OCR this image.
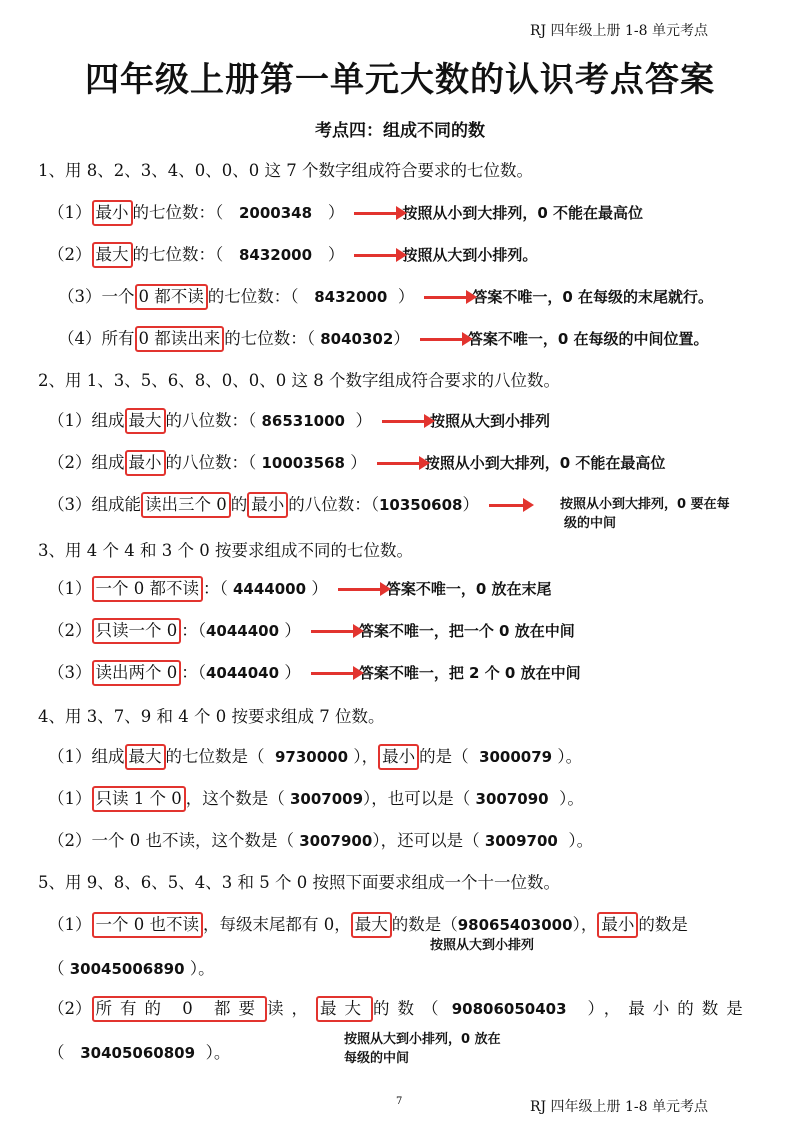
RJ 四年级上册 1-8 单元考点
四年级上册第一单元大数的认识考点答案
考点四：组成不同的数
1、用 8、2、3、4、0、0、0 这 7 个数字组成符合要求的七位数。
（1） 最小 的七位数：（ 2000348 ）	按照从小到大排列，0 不能在最高位
（2） 最大 的七位数：（ 8432000 ）	按照从大到小排列。
（3）一个 0 都不读 的七位数：（ 8432000 ）	答案不唯一，0 在每级的末尾就行。
（4）所有 0 都读出来 的七位数：（ 8040302）	答案不唯一，0 在每级的中间位置。
2、用 1、3、5、6、8、0、0、0 这 8 个数字组成符合要求的八位数。
（1）组成 最大 的八位数：（ 86531000 ）	按照从大到小排列
（2）组成 最小 的八位数：（ 10003568 ）	按照从小到大排列，0 不能在最高位
（3）组成能 读出三个 0 的 最小 的八位数：（10350608）	按照从小到大排列，0 要在每
级的中间
3、用 4 个 4 和 3 个 0 按要求组成不同的七位数。
（1） 一个 0 都不读 ：（ 4444000 ）	答案不唯一，0 放在末尾
（2） 只读一个 0 ：（4044400 ）	答案不唯一，把一个 0 放在中间
（3） 读出两个 0 ：（4044040 ）	答案不唯一，把 2 个 0 放在中间
4、用 3、7、9 和 4 个 0 按要求组成 7 位数。
（1）组成 最大 的七位数是（ 9730000 ）， 最小 的是（ 3000079 ）。
（1） 只读 1 个 0 ，这个数是（ 3007009），也可以是（ 3007090 ）。
（2）一个 0 也不读，这个数是（ 3007900），还可以是（ 3009700 ）。
5、用 9、8、6、5、4、3 和 5 个 0 按照下面要求组成一个十一位数。
（1） 一个 0 也不读 ，每级末尾都有 0， 最大 的数是（98065403000）， 最小 的数是
按照从大到小排列
（ 30045006890 ）。
（2） 所有的 0 都要 读， 最大 的数（ 90806050403 ），最小的数是
按照从大到小排列，0 放在
每级的中间
（ 30405060809 ）。
7	RJ 四年级上册 1-8 单元考点
